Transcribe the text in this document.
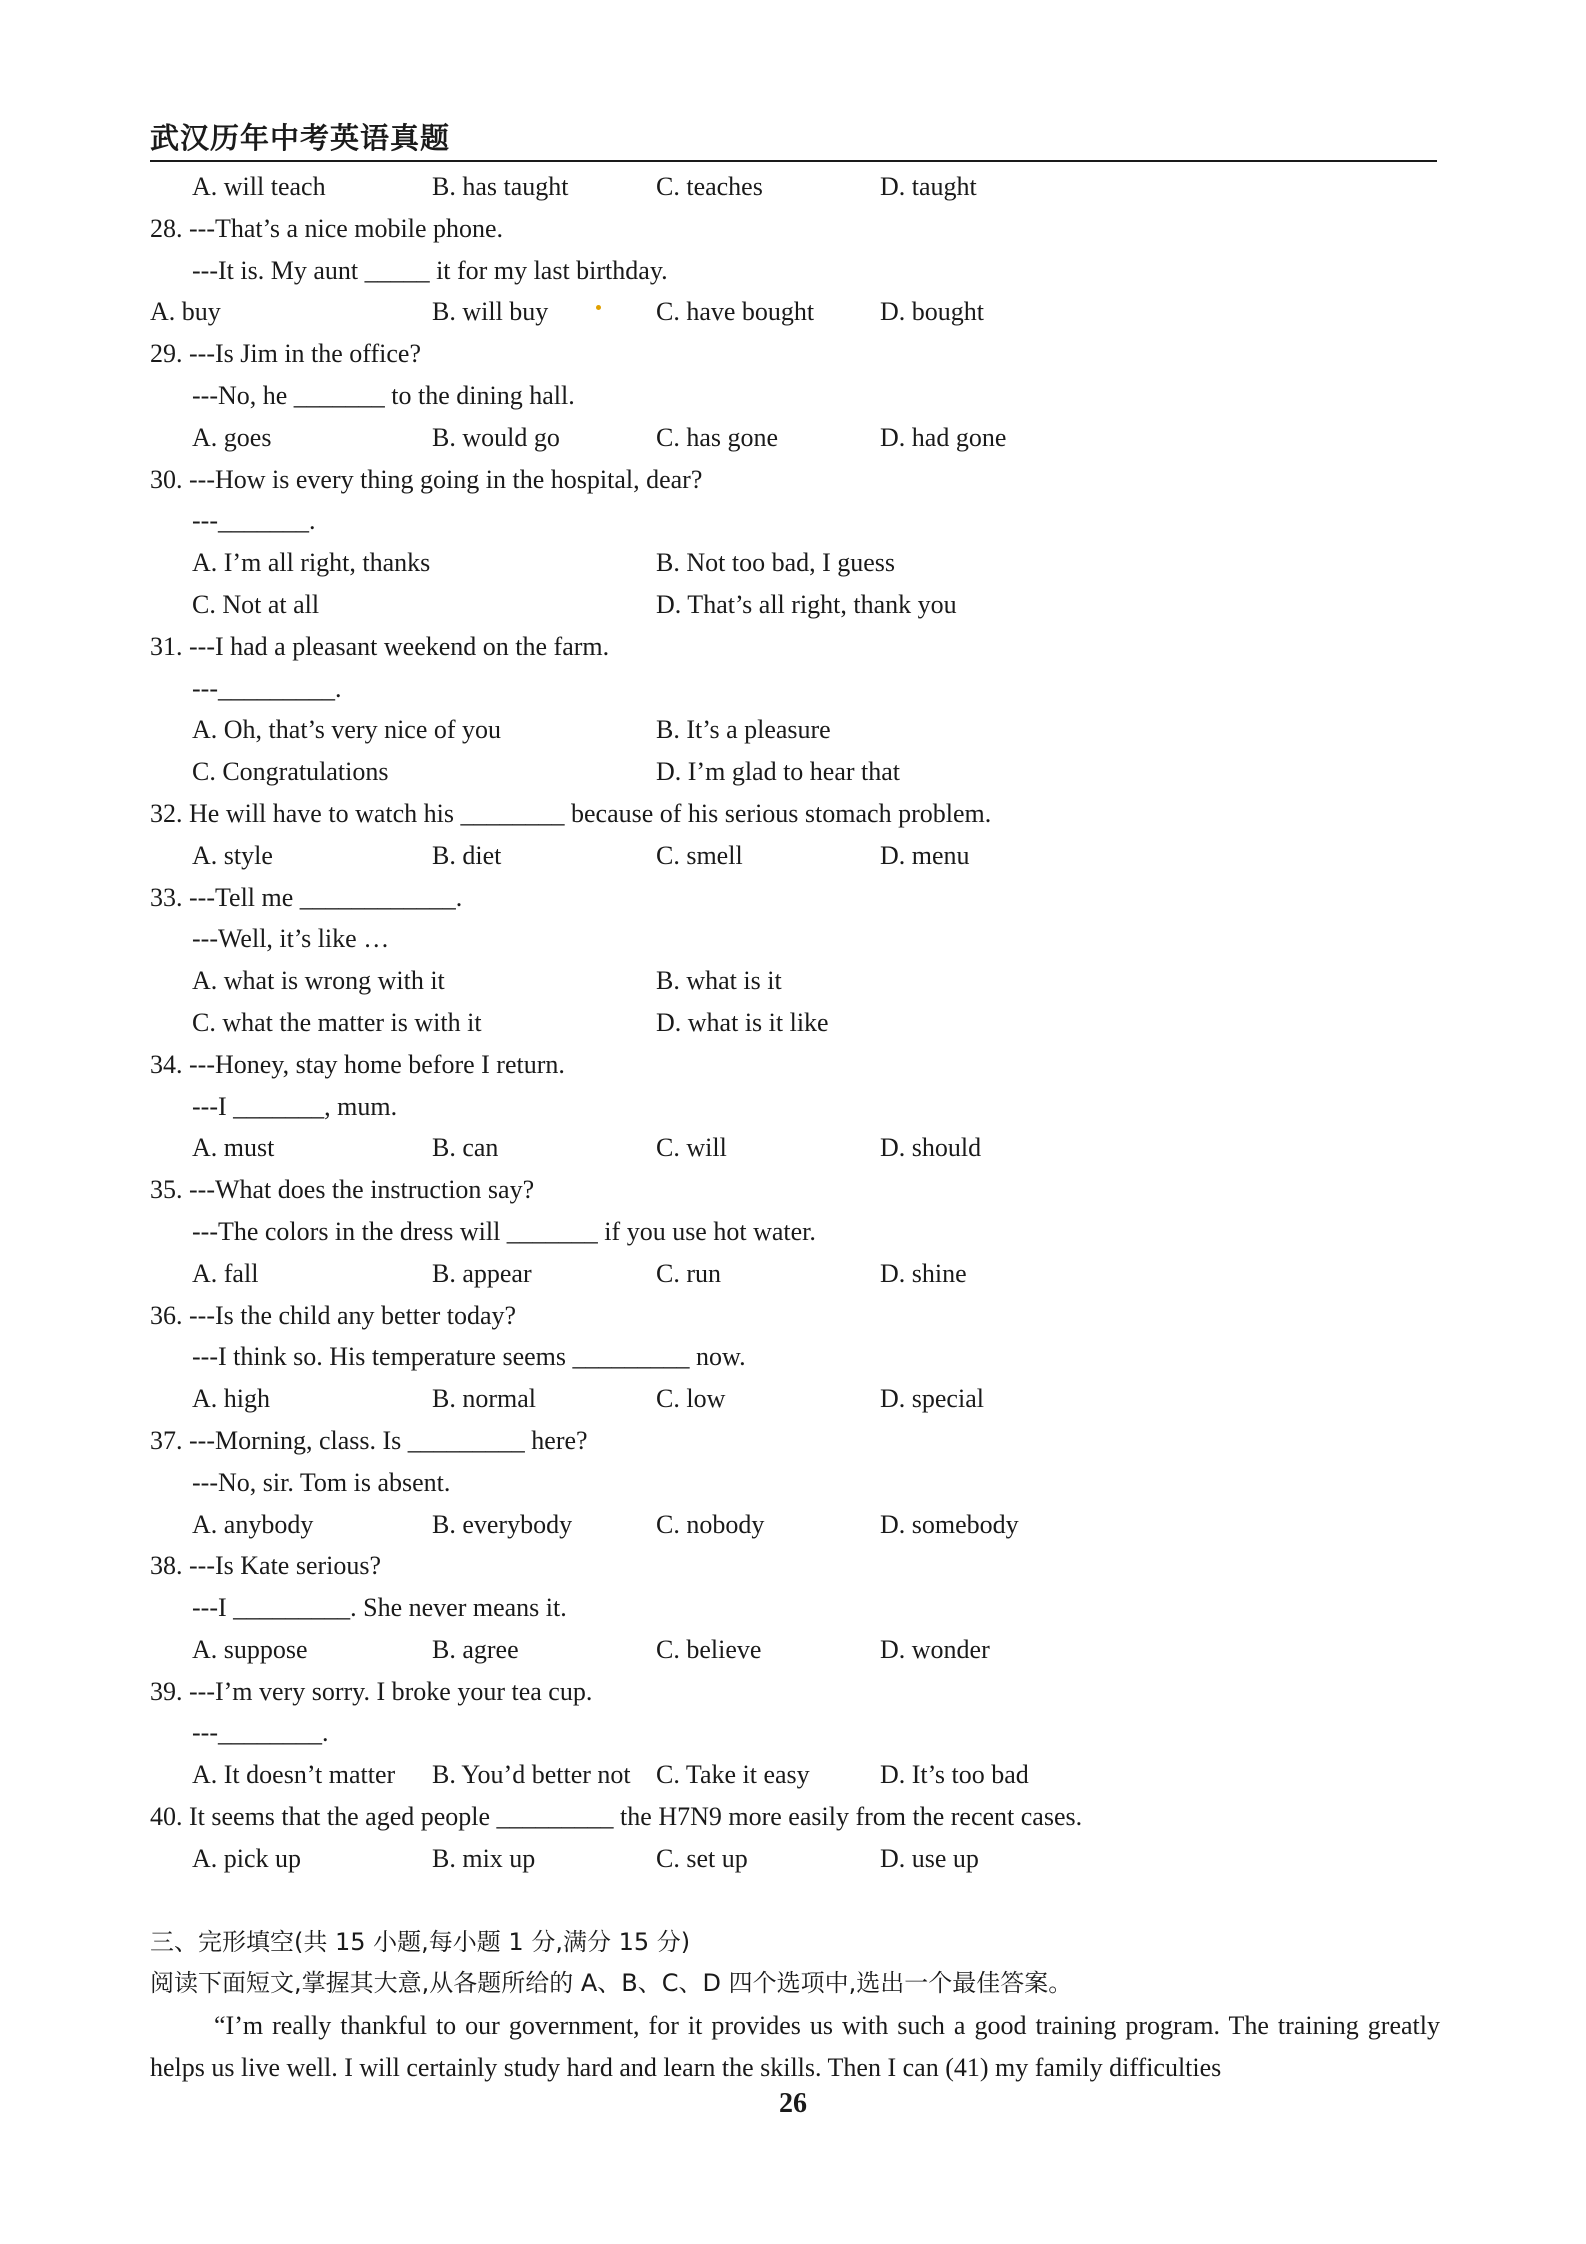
武汉历年中考英语真题
A. will teach	B. has taught	C. teaches	D. taught
28. ---That’s a nice mobile phone.
---It is. My aunt _____ it for my last birthday.
A. buy	B. will buy	C. have bought	D. bought
29. ---Is Jim in the office?
---No, he _______ to the dining hall.
A. goes	B. would go	C. has gone	D. had gone
30. ---How is every thing going in the hospital, dear?
---_______.
A. I’m all right, thanks	B. Not too bad, I guess
C. Not at all	D. That’s all right, thank you
31. ---I had a pleasant weekend on the farm.
---_________.
A. Oh, that’s very nice of you	B. It’s a pleasure
C. Congratulations	D. I’m glad to hear that
32. He will have to watch his ________ because of his serious stomach problem.
A. style	B. diet	C. smell	D. menu
33. ---Tell me ____________.
---Well, it’s like …
A. what is wrong with it	B. what is it
C. what the matter is with it	D. what is it like
34. ---Honey, stay home before I return.
---I _______, mum.
A. must	B. can	C. will	D. should
35. ---What does the instruction say?
---The colors in the dress will _______ if you use hot water.
A. fall	B. appear	C. run	D. shine
36. ---Is the child any better today?
---I think so. His temperature seems _________ now.
A. high	B. normal	C. low	D. special
37. ---Morning, class. Is _________ here?
---No, sir. Tom is absent.
A. anybody	B. everybody	C. nobody	D. somebody
38. ---Is Kate serious?
---I _________. She never means it.
A. suppose	B. agree	C. believe	D. wonder
39. ---I’m very sorry. I broke your tea cup.
---________.
A. It doesn’t matter B. You’d better not C. Take it easy	D. It’s too bad
40. It seems that the aged people _________ the H7N9 more easily from the recent cases.
A. pick up	B. mix up	C. set up	D. use up
三、完形填空(共 15 小题,每小题 1 分,满分 15 分)
阅读下面短文,掌握其大意,从各题所给的 A、B、C、D 四个选项中,选出一个最佳答案。
“I’m really thankful to our government, for it provides us with such a good training program. The training greatly helps us live well. I will certainly study hard and learn the skills. Then I can (41) my family difficulties
26
